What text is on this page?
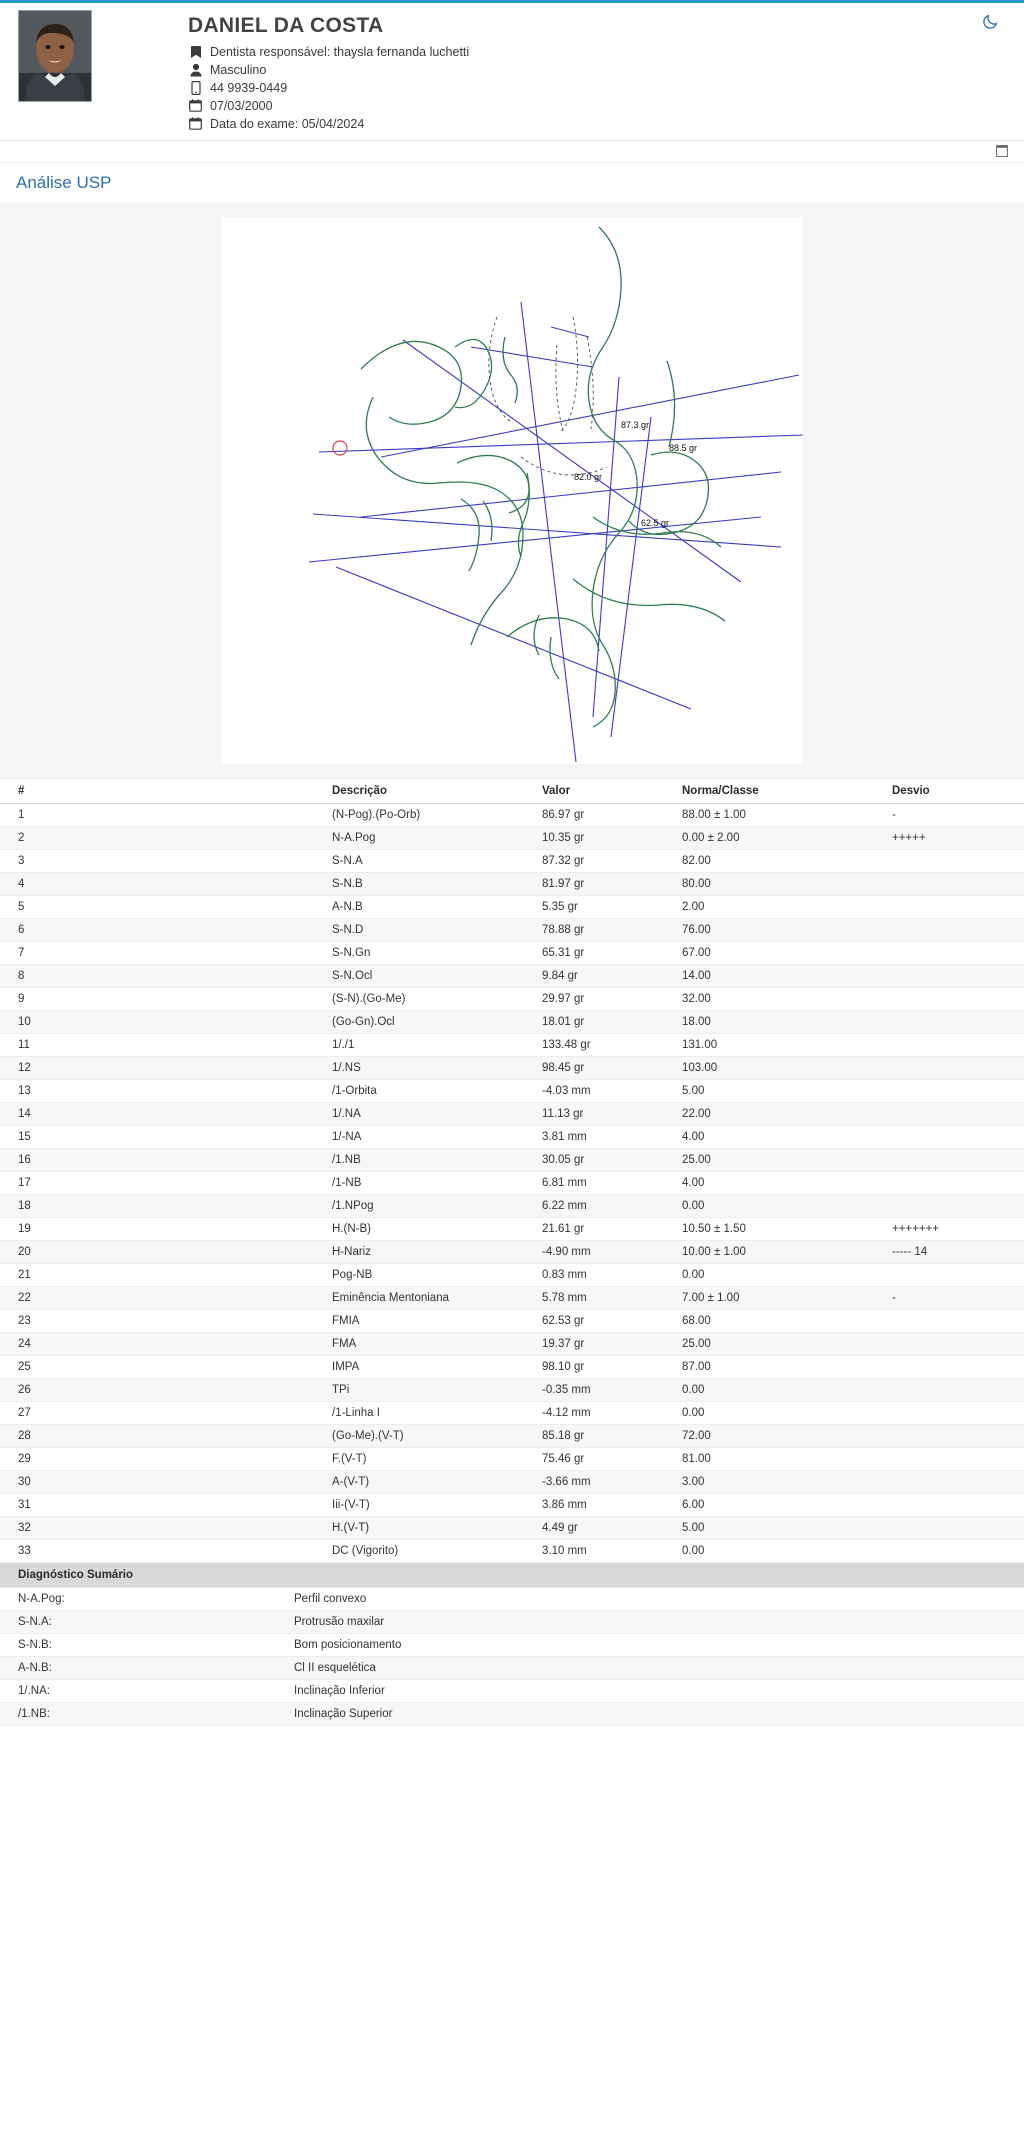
DANIEL DA COSTA
Dentista responsável: thaysla fernanda luchetti
Masculino
44 9939-0449
07/03/2000
Data do exame: 05/04/2024
Análise USP
87.3 gr
88.5 gr
82.0 gr
62.5 gr
#	Descrição	Valor	Norma/Classe	Desvio
1	(N-Pog).(Po-Orb)	86.97 gr	88.00 ± 1.00	-
2	N-A.Pog	10.35 gr	0.00 ± 2.00	+++++
3	S-N.A	87.32 gr	82.00	
4	S-N.B	81.97 gr	80.00	
5	A-N.B	5.35 gr	2.00	
6	S-N.D	78.88 gr	76.00	
7	S-N.Gn	65.31 gr	67.00	
8	S-N.Ocl	9.84 gr	14.00	
9	(S-N).(Go-Me)	29.97 gr	32.00	
10	(Go-Gn).Ocl	18.01 gr	18.00	
11	1/./1	133.48 gr	131.00	
12	1/.NS	98.45 gr	103.00	
13	/1-Orbita	-4.03 mm	5.00	
14	1/.NA	11.13 gr	22.00	
15	1/-NA	3.81 mm	4.00	
16	/1.NB	30.05 gr	25.00	
17	/1-NB	6.81 mm	4.00	
18	/1.NPog	6.22 mm	0.00	
19	H.(N-B)	21.61 gr	10.50 ± 1.50	+++++++
20	H-Nariz	-4.90 mm	10.00 ± 1.00	----- 14
21	Pog-NB	0.83 mm	0.00	
22	Eminência Mentoniana	5.78 mm	7.00 ± 1.00	-
23	FMIA	62.53 gr	68.00	
24	FMA	19.37 gr	25.00	
25	IMPA	98.10 gr	87.00	
26	TPi	-0.35 mm	0.00	
27	/1-Linha I	-4.12 mm	0.00	
28	(Go-Me).(V-T)	85.18 gr	72.00	
29	F.(V-T)	75.46 gr	81.00	
30	A-(V-T)	-3.66 mm	3.00	
31	Iii-(V-T)	3.86 mm	6.00	
32	H.(V-T)	4.49 gr	5.00	
33	DC (Vigorito)	3.10 mm	0.00	
Diagnóstico Sumário				
N-A.Pog:	Perfil convexo			
S-N.A:	Protrusão maxilar			
S-N.B:	Bom posicionamento			
A-N.B:	Cl II esquelética			
1/.NA:	Inclinação Inferior			
/1.NB:	Inclinação Superior			
